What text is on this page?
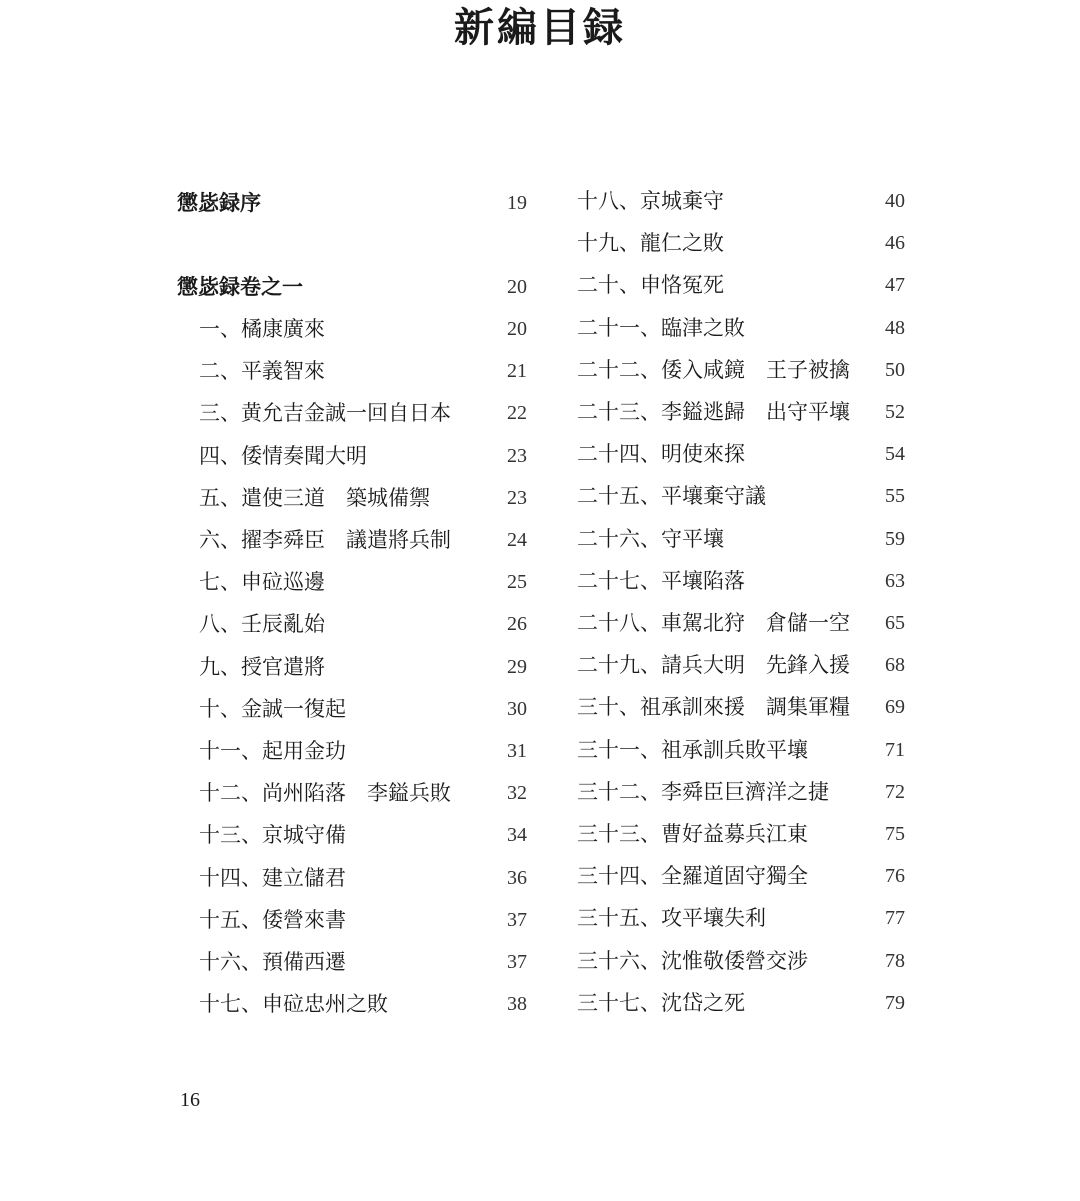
新編目録
懲毖録序	19
懲毖録卷之一	20
一、橘康廣來	20
二、平義智來	21
三、黄允吉金誠一回自日本	22
四、倭情奏聞大明	23
五、遣使三道　築城備禦	23
六、擢李舜臣　議遣將兵制	24
七、申砬巡邊	25
八、壬辰亂始	26
九、授官遣將	29
十、金誠一復起	30
十一、起用金玏	31
十二、尚州陷落　李鎰兵敗	32
十三、京城守備	34
十四、建立儲君	36
十五、倭營來書	37
十六、預備西遷	37
十七、申砬忠州之敗	38
十八、京城棄守	40
十九、龍仁之敗	46
二十、申恪冤死	47
二十一、臨津之敗	48
二十二、倭入咸鏡　王子被擒	50
二十三、李鎰逃歸　出守平壤	52
二十四、明使來探	54
二十五、平壤棄守議	55
二十六、守平壤	59
二十七、平壤陷落	63
二十八、車駕北狩　倉儲一空	65
二十九、請兵大明　先鋒入援	68
三十、祖承訓來援　調集軍糧	69
三十一、祖承訓兵敗平壤	71
三十二、李舜臣巨濟洋之捷	72
三十三、曹好益募兵江東	75
三十四、全羅道固守獨全	76
三十五、攻平壤失利	77
三十六、沈惟敬倭營交涉	78
三十七、沈岱之死	79
16
